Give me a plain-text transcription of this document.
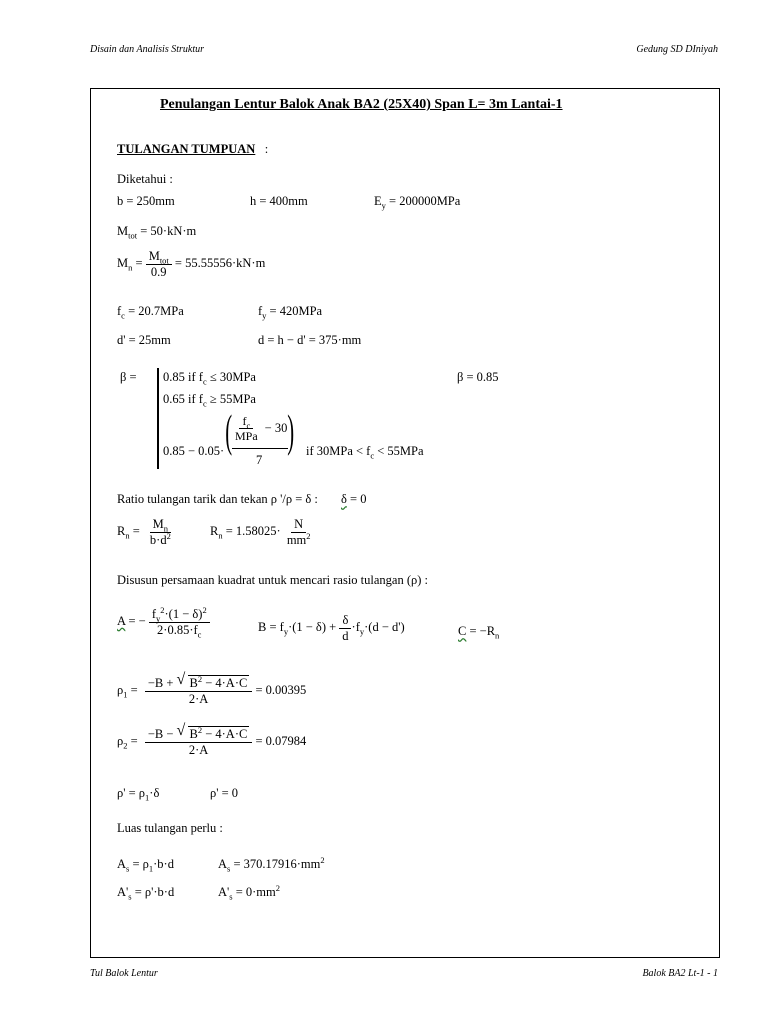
Disain dan Analisis Struktur	Gedung SD DIniyah
Tul Balok Lentur	Balok BA2 Lt-1 - 1
Penulangan Lentur Balok Anak BA2 (25X40) Span L= 3m Lantai-1
TULANGAN TUMPUAN :
Diketahui :
b = 250mm	h = 400mm	$E_y = 200000MPa$
$M_{tot} = 50\cdot kN\cdot m$
$M_n = \frac{M_{tot}}{0.9} = 55.55556\cdot kN\cdot m$
$f_c = 20.7MPa$	$f_y = 420MPa$
d' = 25mm	d = h − d' = 375·mm
β = 0.85 if $f_c \le 30MPa$
0.65 if $f_c \ge 55MPa$
0.85 − 0.05· ( $\frac{f_c}{\text{MPa}} - 30$
7
) if $30MPa < f_c < 55MPa$
β = 0.85
Ratio tulangan tarik dan tekan ρ '/ρ = δ : δ = 0
$R_n = \frac{M_n}{b\cdot d^2}$	$R_n = 1.58025\cdot \frac{N}{mm^2}$
Disusun persamaan kuadrat untuk mencari rasio tulangan (ρ) :
A = − $\frac{f_y^2\cdot(1 - \delta)^2}{2\cdot 0.85\cdot f_c}$	$B = f_y\cdot(1 - \delta) + \frac{\delta}{d} \cdot f_y\cdot(d - d')$	$C = -R_n$
$\rho_1 = \frac{-B + √ B^2 - 4\cdot A\cdot C}{2\cdot A} = 0.00395$
$\rho_2 = \frac{-B - √ B^2 - 4\cdot A\cdot C}{2\cdot A} = 0.07984$
$\rho' = \rho_1\cdot\delta$	ρ' = 0
Luas tulangan perlu :
$A_s = \rho_1\cdot b\cdot d$	$A_s = 370.17916\cdot mm^2$
$A'_s = \rho'\cdot b\cdot d$	$A'_s = 0\cdot mm^2$
